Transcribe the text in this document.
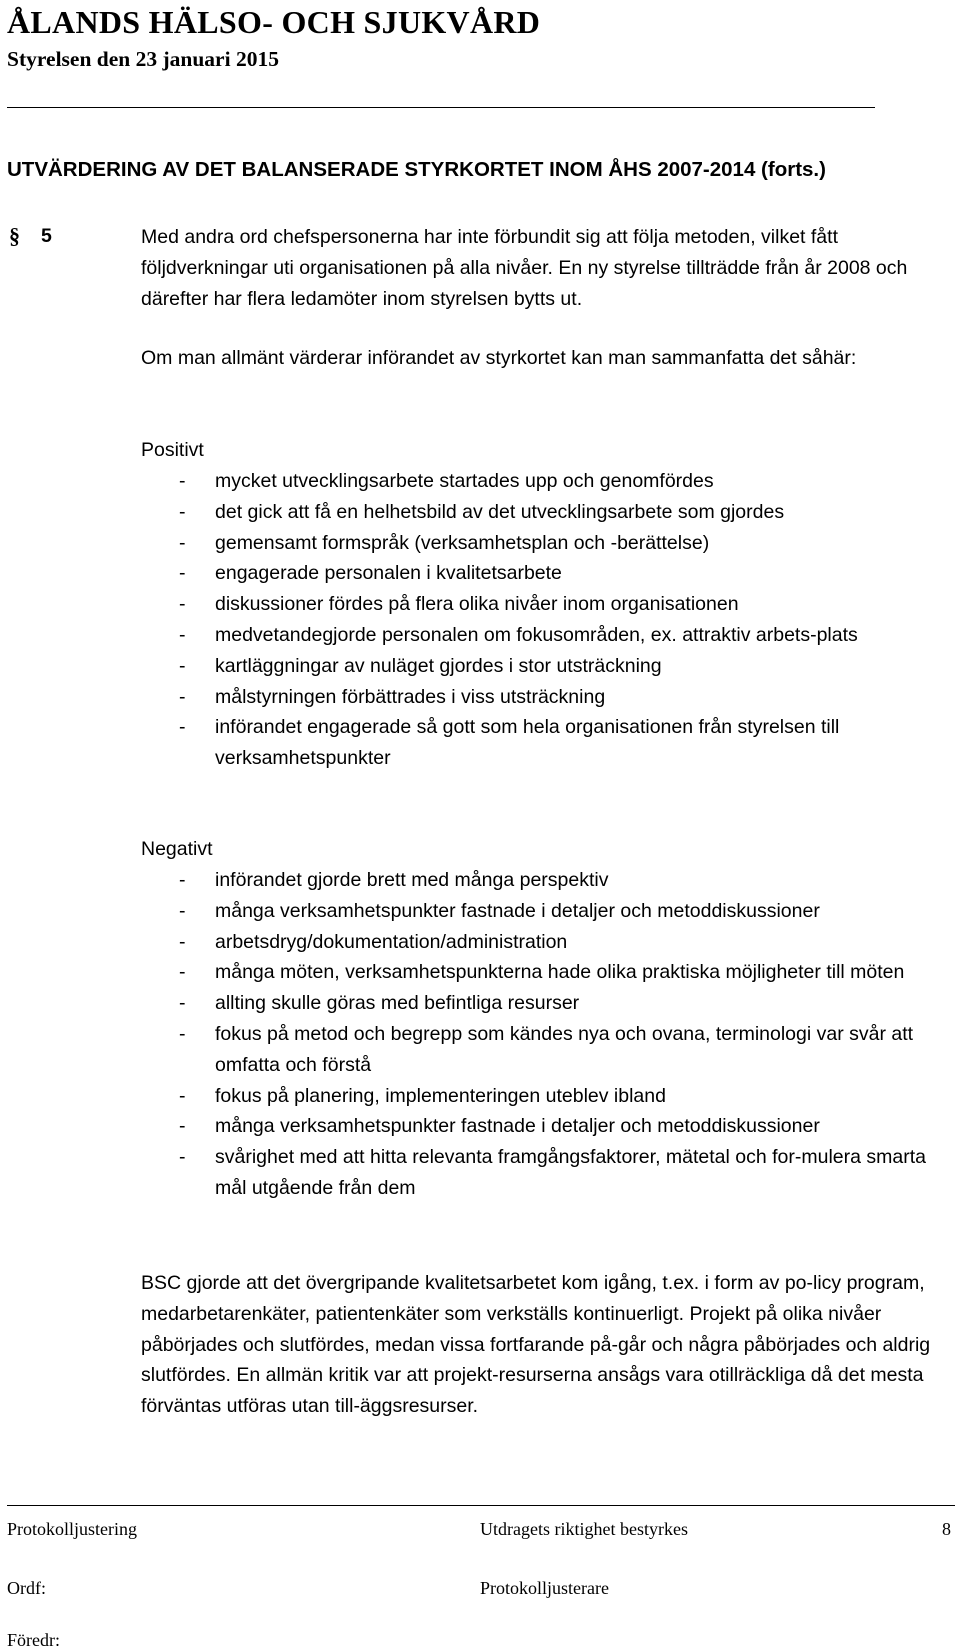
ÅLANDS HÄLSO- OCH SJUKVÅRD
Styrelsen den 23 januari 2015
UTVÄRDERING AV DET BALANSERADE STYRKORTET INOM ÅHS 2007-2014 (forts.)
§ 5	Med andra ord chefspersonerna har inte förbundit sig att följa metoden, vilket fått följdverkningar uti organisationen på alla nivåer. En ny styrelse tillträdde från år 2008 och därefter har flera ledamöter inom styrelsen bytts ut.
Om man allmänt värderar införandet av styrkortet kan man sammanfatta det såhär:
Positivt
- mycket utvecklingsarbete startades upp och genomfördes
- det gick att få en helhetsbild av det utvecklingsarbete som gjordes
- gemensamt formspråk (verksamhetsplan och -berättelse)
- engagerade personalen i kvalitetsarbete
- diskussioner fördes på flera olika nivåer inom organisationen
- medvetandegjorde personalen om fokusområden, ex. attraktiv arbets-plats
- kartläggningar av nuläget gjordes i stor utsträckning
- målstyrningen förbättrades i viss utsträckning
- införandet engagerade så gott som hela organisationen från styrelsen till verksamhetspunkter
Negativt
- införandet gjorde brett med många perspektiv
- många verksamhetspunkter fastnade i detaljer och metoddiskussioner
- arbetsdryg/dokumentation/administration
- många möten, verksamhetspunkterna hade olika praktiska möjligheter till möten
- allting skulle göras med befintliga resurser
- fokus på metod och begrepp som kändes nya och ovana, terminologi var svår att omfatta och förstå
- fokus på planering, implementeringen uteblev ibland
- många verksamhetspunkter fastnade i detaljer och metoddiskussioner
- svårighet med att hitta relevanta framgångsfaktorer, mätetal och for-mulera smarta mål utgående från dem
BSC gjorde att det övergripande kvalitetsarbetet kom igång, t.ex. i form av po-licy program, medarbetarenkäter, patientenkäter som verkställs kontinuerligt. Projekt på olika nivåer påbörjades och slutfördes, medan vissa fortfarande på-går och några påbörjades och aldrig slutfördes. En allmän kritik var att projekt-resurserna ansågs vara otillräckliga då det mesta förväntas utföras utan till-äggsresurser.
Protokolljustering	Utdragets riktighet bestyrkes	8
Ordf:	Protokolljusterare
Föredr:
